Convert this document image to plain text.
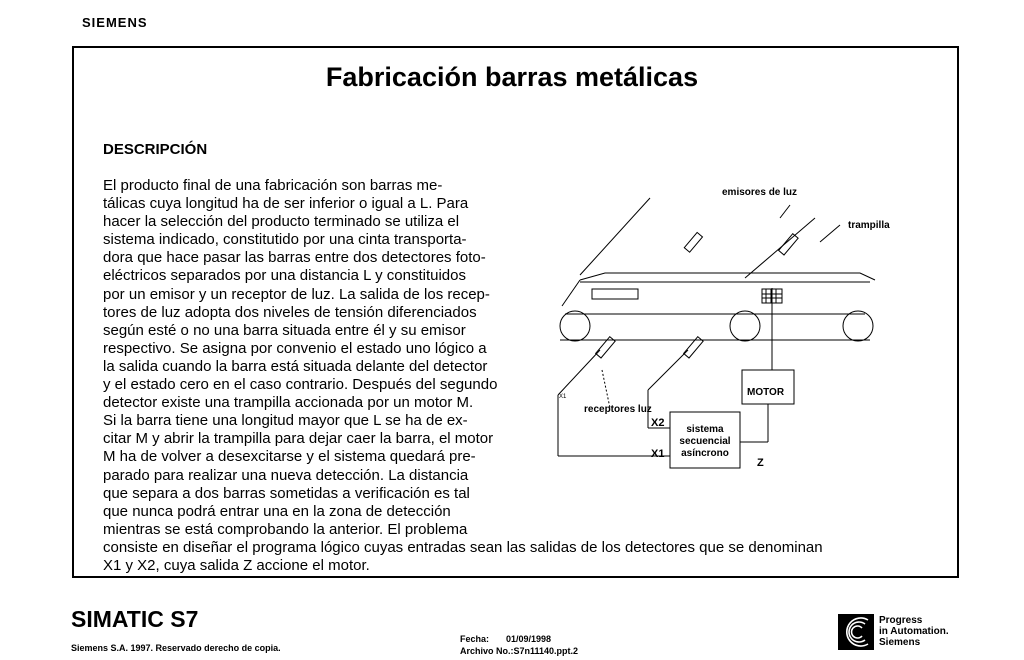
SIEMENS
Fabricación barras metálicas
DESCRIPCIÓN
El producto final de una fabricación son barras me-
tálicas cuya longitud ha de ser inferior o igual a L. Para
hacer la selección del producto terminado se utiliza el
sistema indicado, constitutido por una cinta transporta-
dora que hace pasar las barras entre dos detectores foto-
eléctricos separados por una distancia L y constituidos
por un emisor y un receptor de luz. La salida de los recep-
tores de luz adopta dos niveles de tensión diferenciados
según esté o no una barra situada entre él y su emisor
respectivo. Se asigna por convenio el estado uno lógico a
la salida cuando la barra está situada delante del detector
y el estado cero en el caso contrario. Después del segundo
detector existe una trampilla accionada por un motor M.
Si la barra tiene una longitud mayor que L se ha de ex-
citar M y abrir la trampilla para dejar caer la barra, el motor
M ha de volver a desexcitarse y el sistema quedará pre-
parado para realizar una nueva detección. La distancia
que separa a dos barras sometidas a verificación es tal
que nunca podrá entrar una en la zona de detección
mientras se está comprobando la anterior. El problema
consiste en diseñar el programa lógico cuyas entradas sean las salidas de los detectores que se denominan
X1 y X2, cuya salida Z accione el motor.
emisores de luz
trampilla
MOTOR
receptores luz
X2
X1
Z
sistema
secuencial
asíncrono
X1
SIMATIC S7
Siemens S.A. 1997. Reservado derecho de copia.
Fecha: 01/09/1998
Archivo No.:S7n11140.ppt.2
Progress
in Automation.
Siemens
